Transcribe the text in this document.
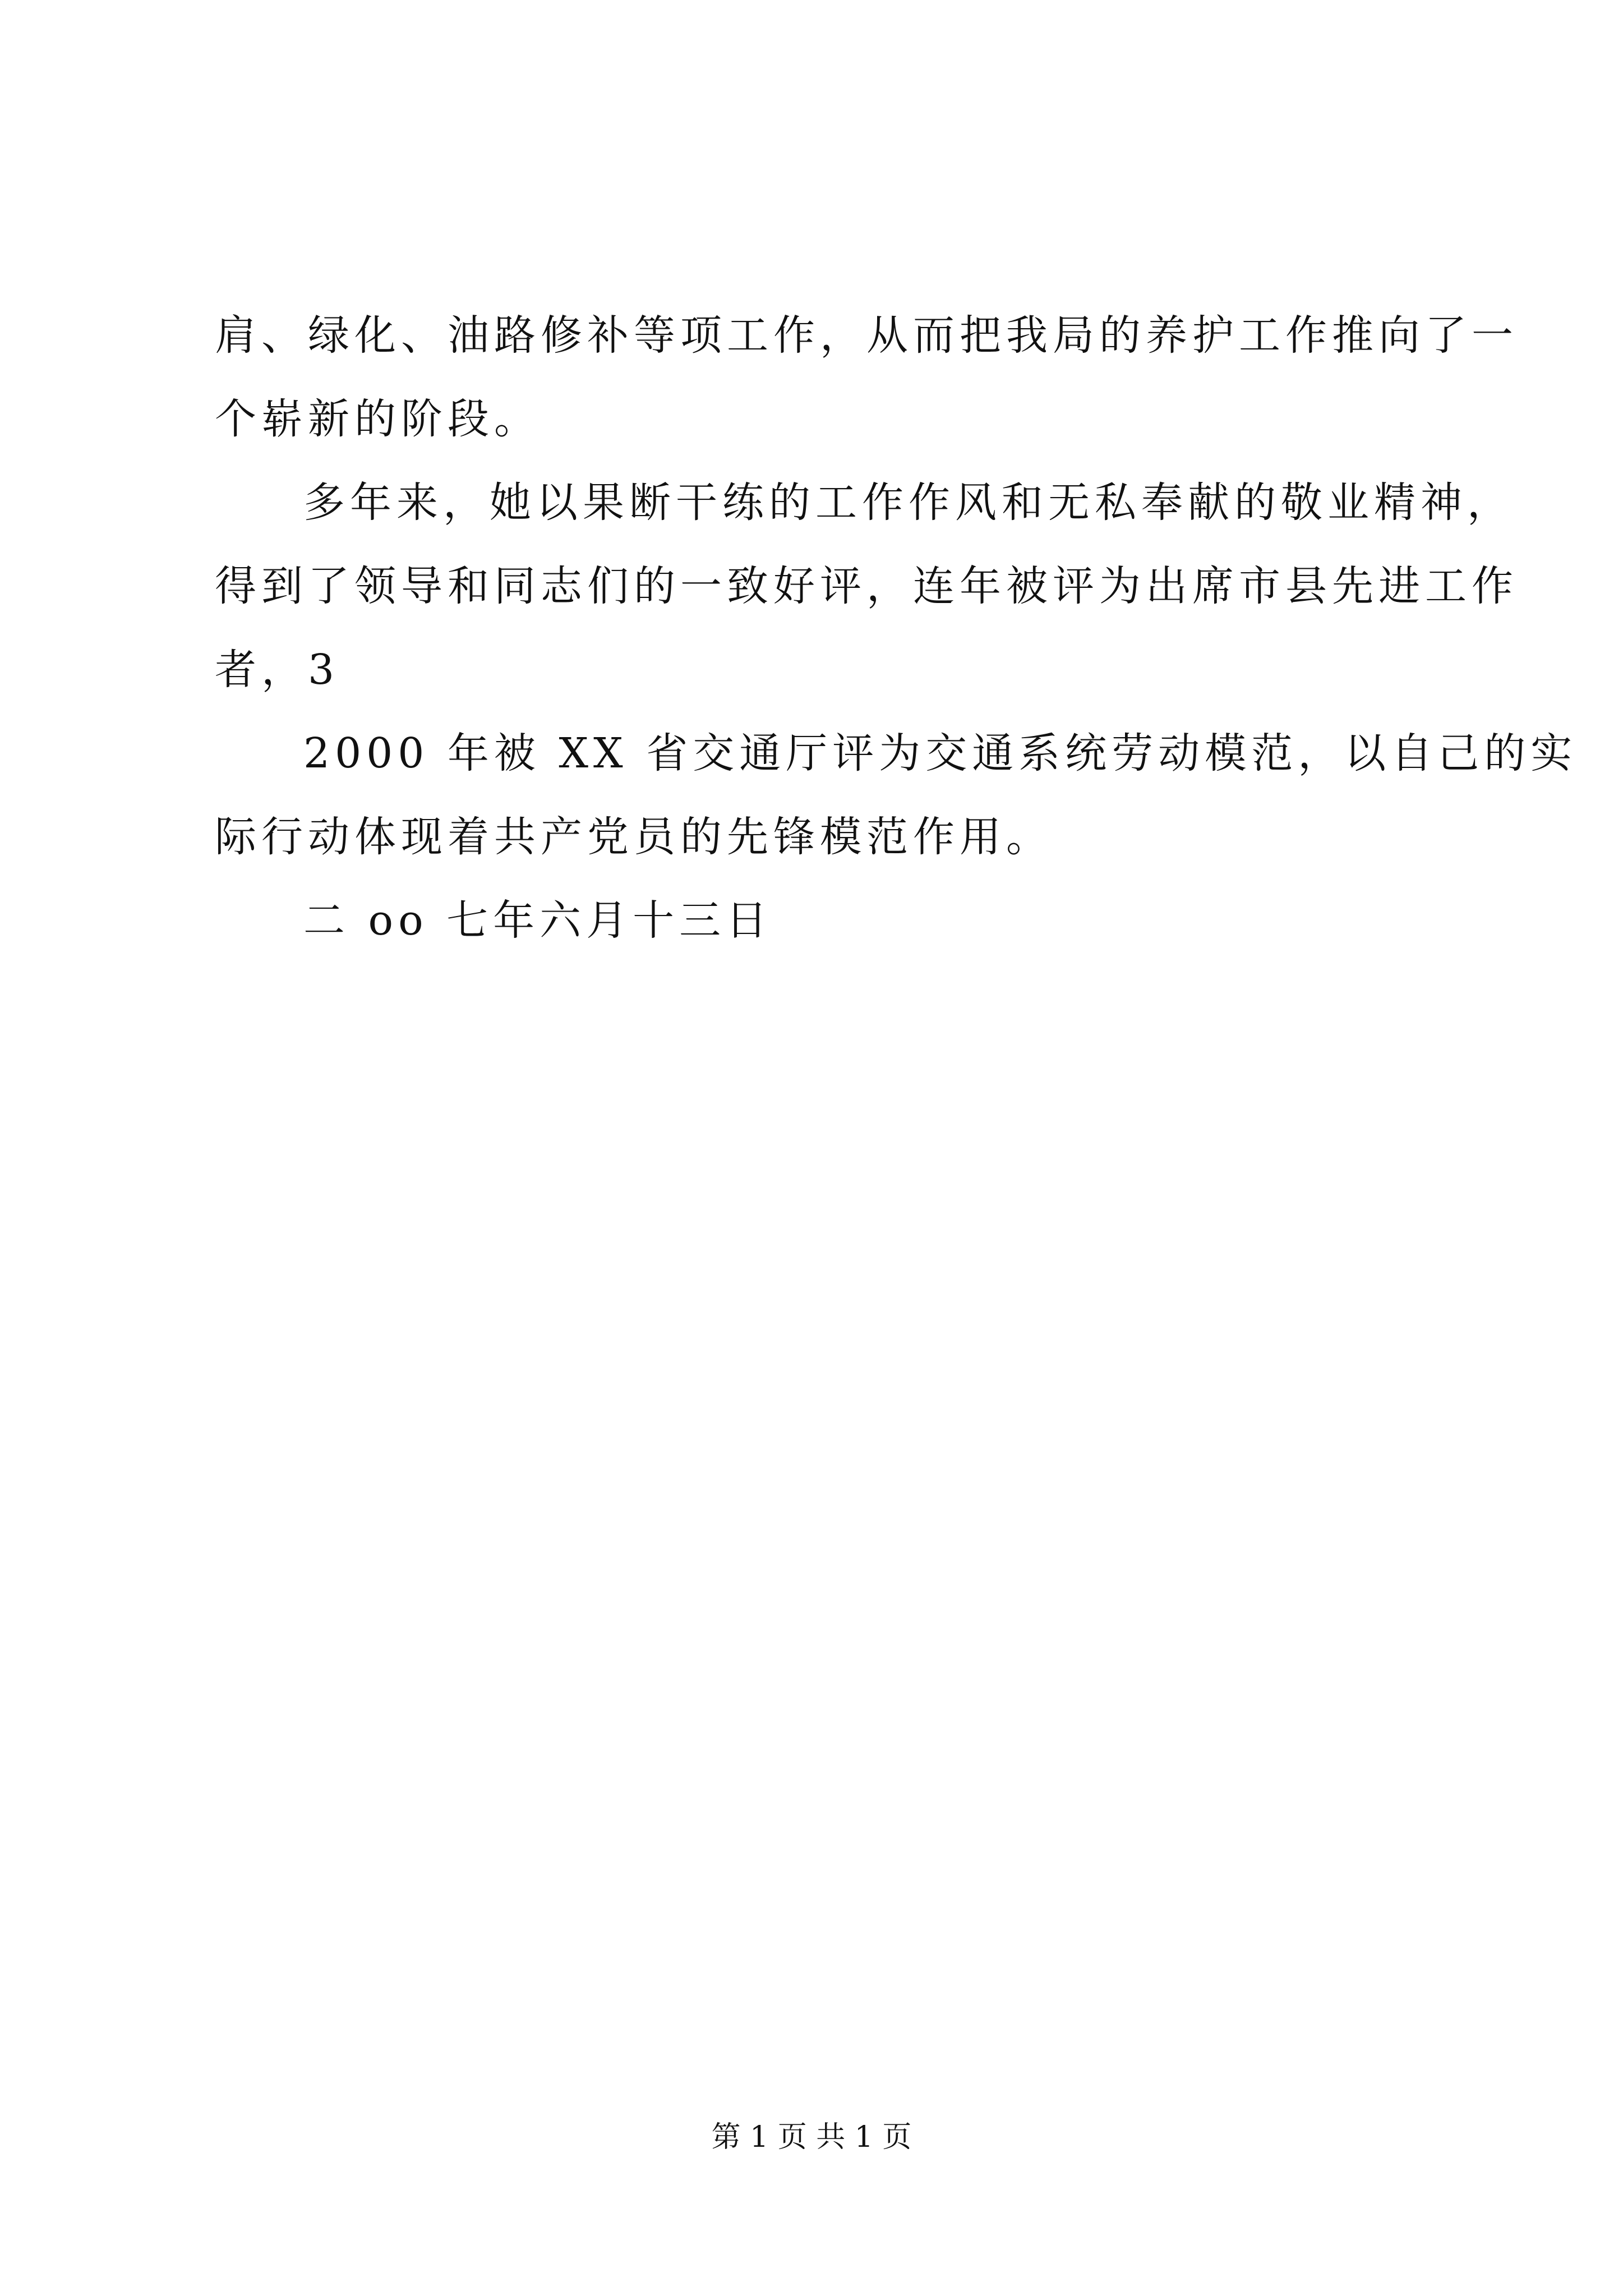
肩、绿化、油路修补等项工作，从而把我局的养护工作推向了一
个崭新的阶段。
多年来，她以果断干练的工作作风和无私奉献的敬业精神，
得到了领导和同志们的一致好评，连年被评为出席市县先进工作
者，3
2000 年被 XX 省交通厅评为交通系统劳动模范，以自己的实
际行动体现着共产党员的先锋模范作用。
二 oo 七年六月十三日
第 1 页 共 1 页
